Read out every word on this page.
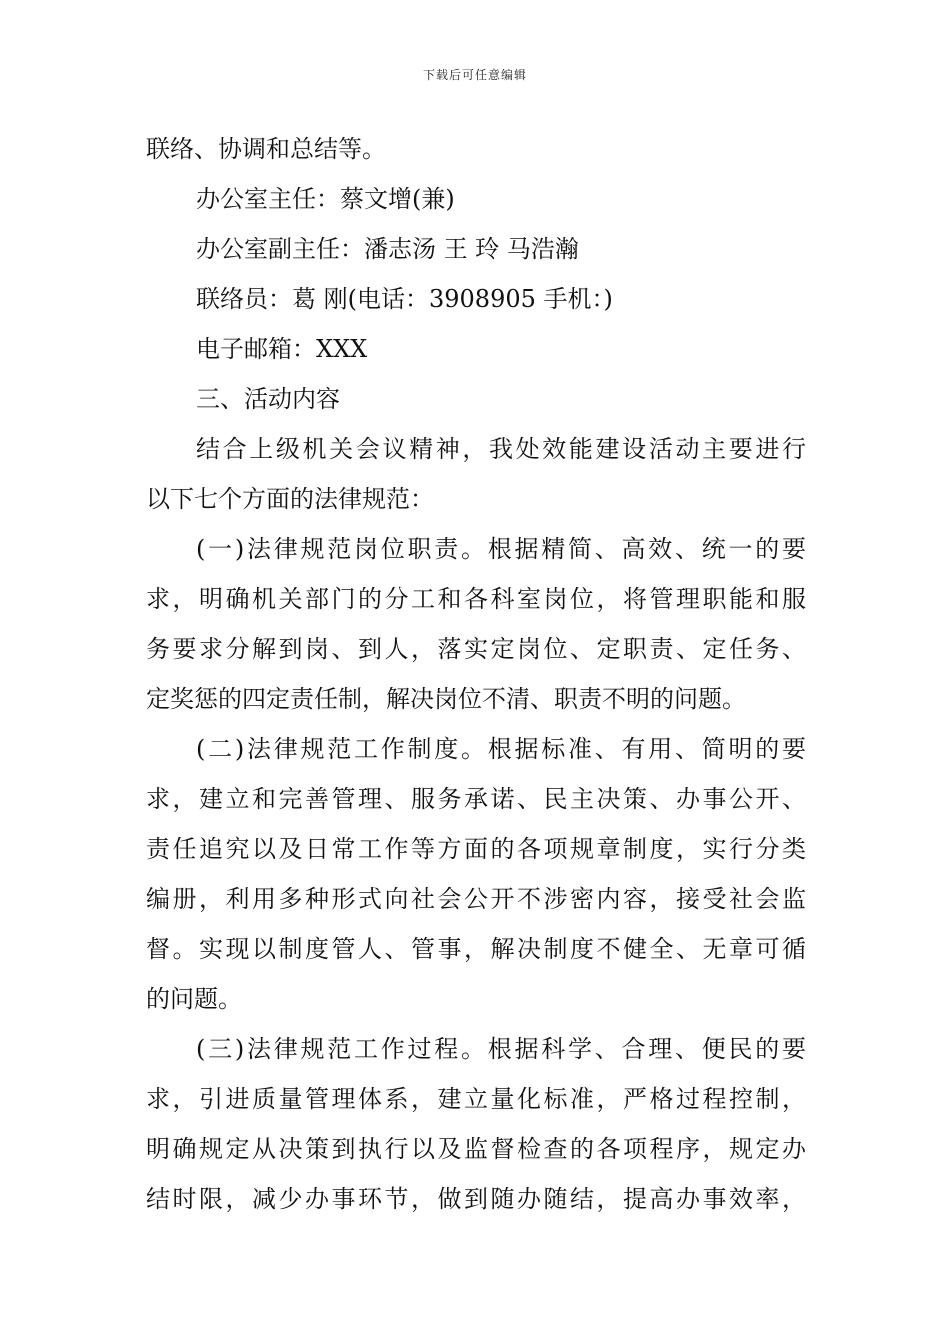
下载后可任意编辑
联络、协调和总结等。
办公室主任：蔡文增(兼)
办公室副主任：潘志汤 王 玲 马浩瀚
联络员：葛 刚(电话：3908905 手机：)
电子邮箱：XXX
三、活动内容
结合上级机关会议精神，我处效能建设活动主要进行
以下七个方面的法律规范：
(一)法律规范岗位职责。根据精简、高效、统一的要
求，明确机关部门的分工和各科室岗位，将管理职能和服
务要求分解到岗、到人，落实定岗位、定职责、定任务、
定奖惩的四定责任制，解决岗位不清、职责不明的问题。
(二)法律规范工作制度。根据标准、有用、简明的要
求，建立和完善管理、服务承诺、民主决策、办事公开、
责任追究以及日常工作等方面的各项规章制度，实行分类
编册，利用多种形式向社会公开不涉密内容，接受社会监
督。实现以制度管人、管事，解决制度不健全、无章可循
的问题。
(三)法律规范工作过程。根据科学、合理、便民的要
求，引进质量管理体系，建立量化标准，严格过程控制，
明确规定从决策到执行以及监督检查的各项程序，规定办
结时限，减少办事环节，做到随办随结，提高办事效率，
